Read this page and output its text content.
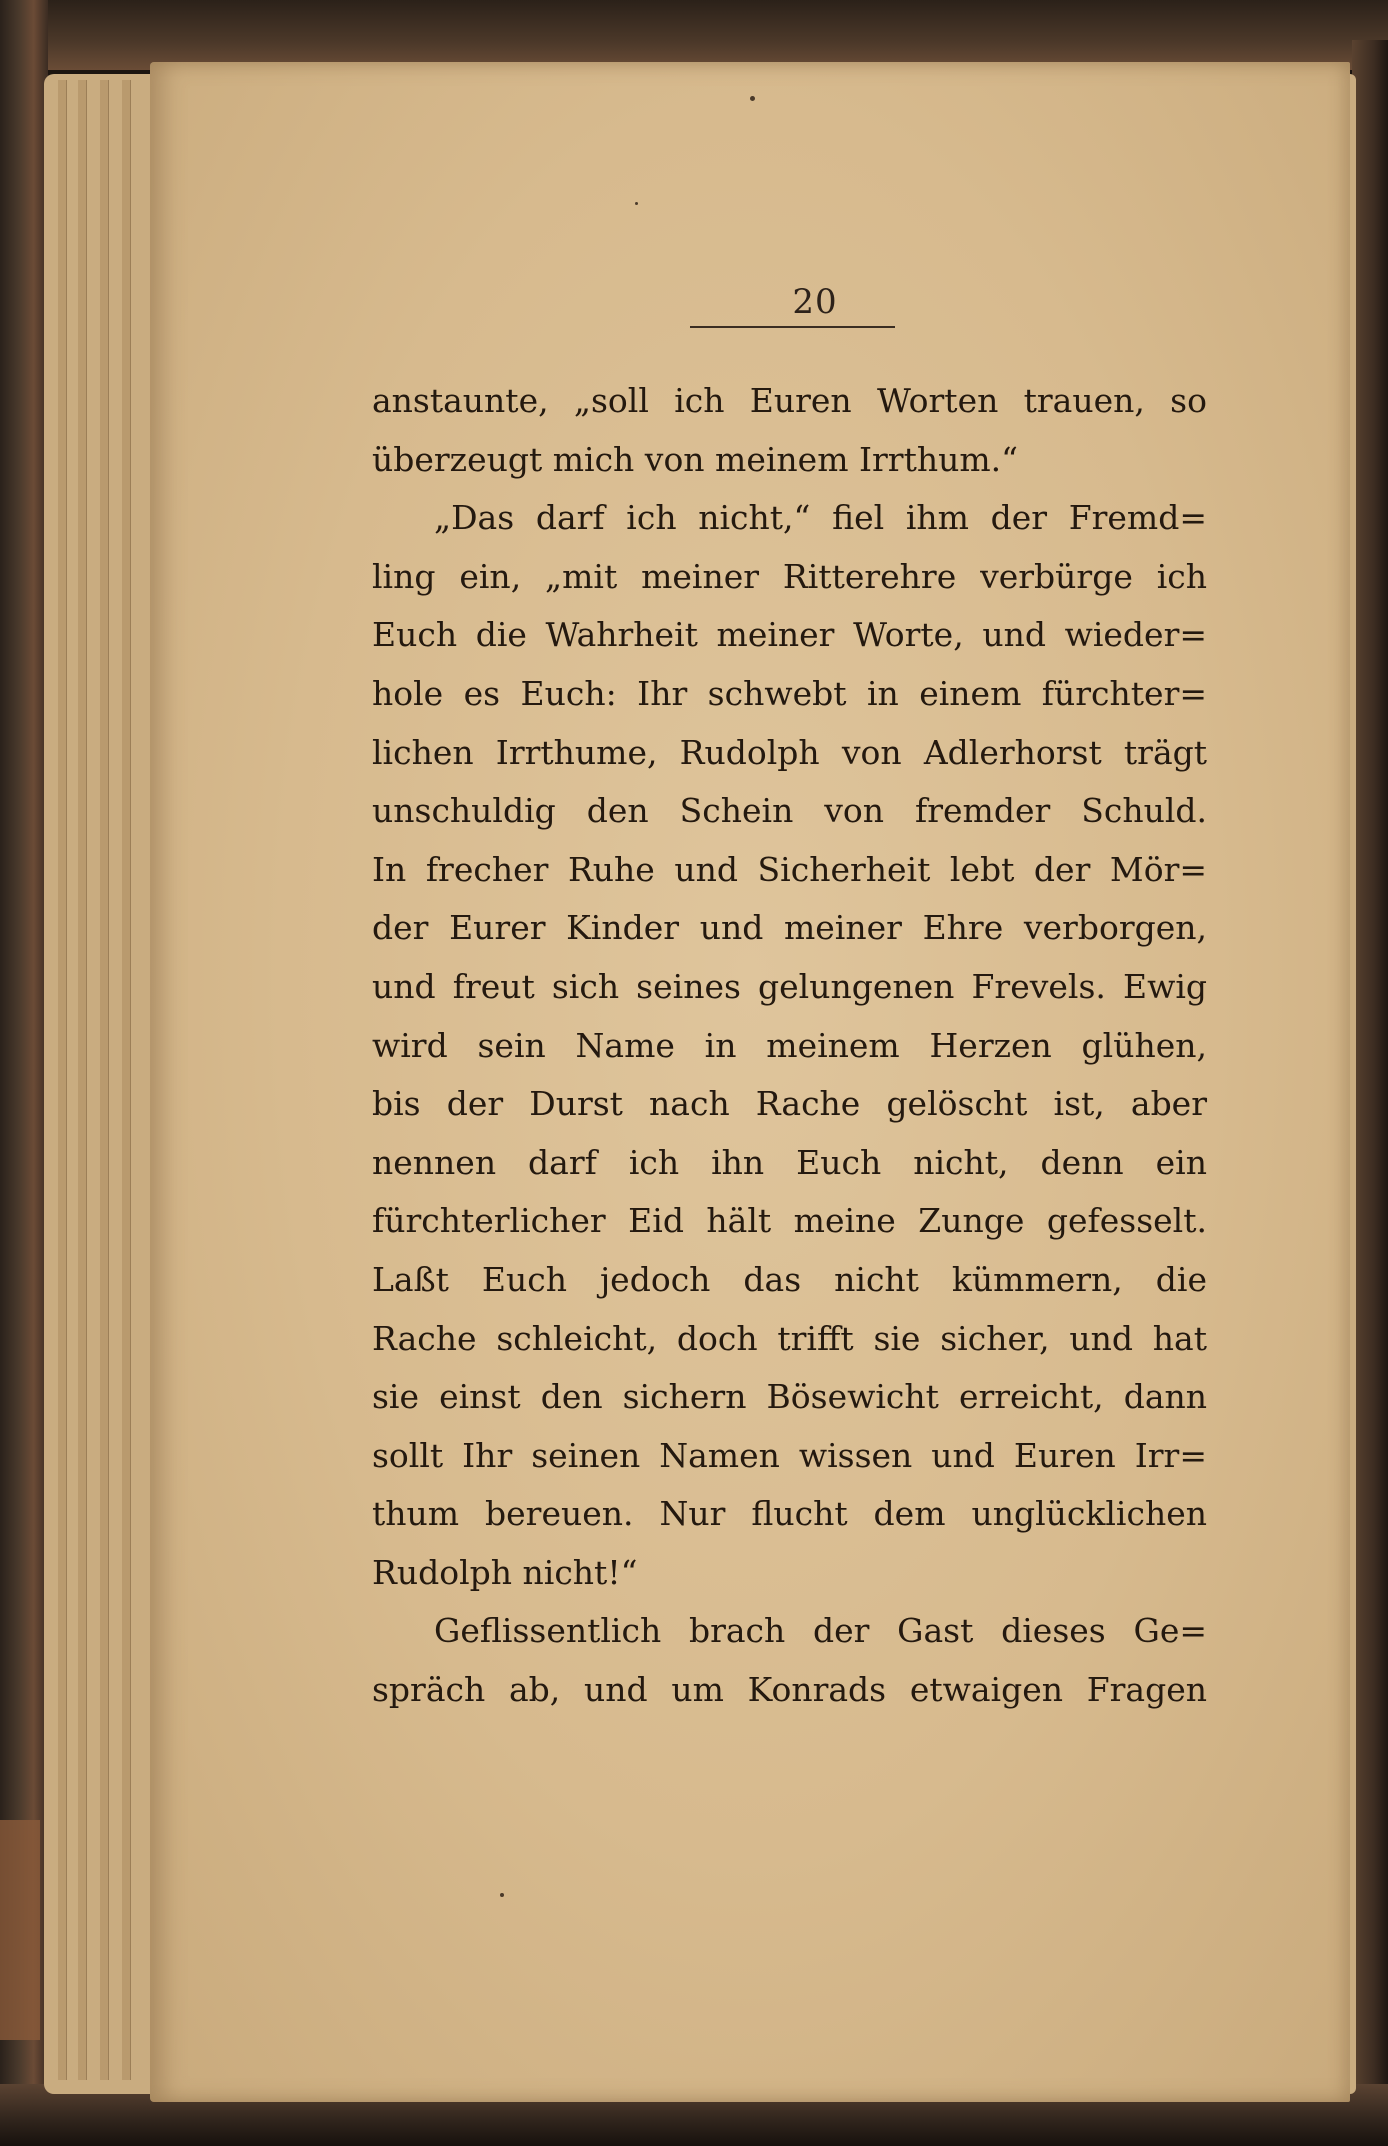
20
anstaunte, „soll ich Euren Worten trauen, so
überzeugt mich von meinem Irrthum.“
„Das darf ich nicht,“ fiel ihm der Fremd=
ling ein, „mit meiner Ritterehre verbürge ich
Euch die Wahrheit meiner Worte, und wieder=
hole es Euch: Ihr schwebt in einem fürchter=
lichen Irrthume, Rudolph von Adlerhorst trägt
unschuldig den Schein von fremder Schuld.
In frecher Ruhe und Sicherheit lebt der Mör=
der Eurer Kinder und meiner Ehre verborgen,
und freut sich seines gelungenen Frevels. Ewig
wird sein Name in meinem Herzen glühen,
bis der Durst nach Rache gelöscht ist, aber
nennen darf ich ihn Euch nicht, denn ein
fürchterlicher Eid hält meine Zunge gefesselt.
Laßt Euch jedoch das nicht kümmern, die
Rache schleicht, doch trifft sie sicher, und hat
sie einst den sichern Bösewicht erreicht, dann
sollt Ihr seinen Namen wissen und Euren Irr=
thum bereuen. Nur flucht dem unglücklichen
Rudolph nicht!“
Geflissentlich brach der Gast dieses Ge=
spräch ab, und um Konrads etwaigen Fragen
